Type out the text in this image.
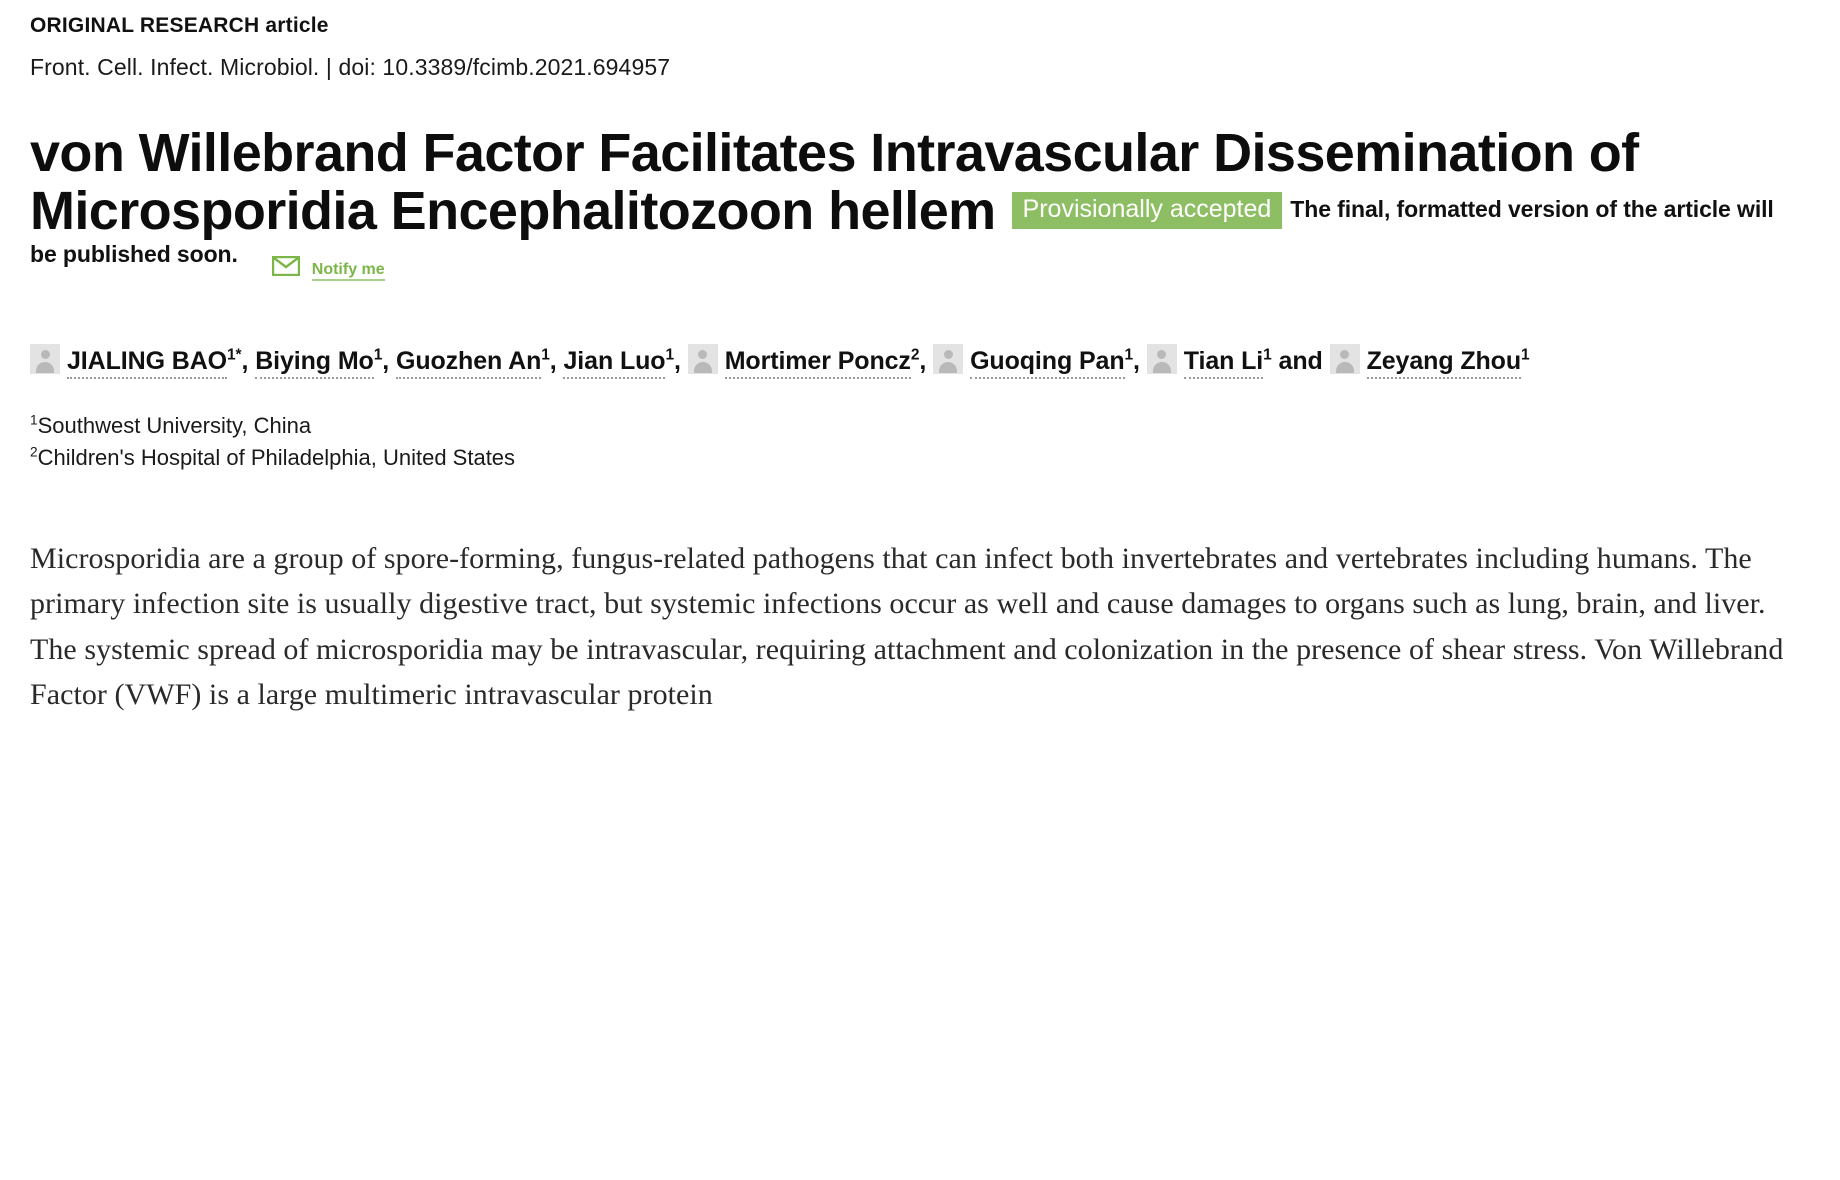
ORIGINAL RESEARCH article
Front. Cell. Infect. Microbiol. | doi: 10.3389/fcimb.2021.694957
von Willebrand Factor Facilitates Intravascular Dissemination of Microsporidia Encephalitozoon hellem Provisionally accepted The final, formatted version of the article will be published soon.
Notify me
JIALING $BAO^{1*}$, Biying Mo$^1$, Guozhen An$^1$, Jian Luo$^1$, Mortimer Poncz$^2$, Guoqing Pan$^1$, Tian Li$^1$ and Zeyang Zhou$^1$
$^1$Southwest University, China
$^2$Children's Hospital of Philadelphia, United States
Microsporidia are a group of spore-forming, fungus-related pathogens that can infect both invertebrates and vertebrates including humans. The primary infection site is usually digestive tract, but systemic infections occur as well and cause damages to organs such as lung, brain, and liver. The systemic spread of microsporidia may be intravascular, requiring attachment and colonization in the presence of shear stress. Von Willebrand Factor (VWF) is a large multimeric intravascular protein
